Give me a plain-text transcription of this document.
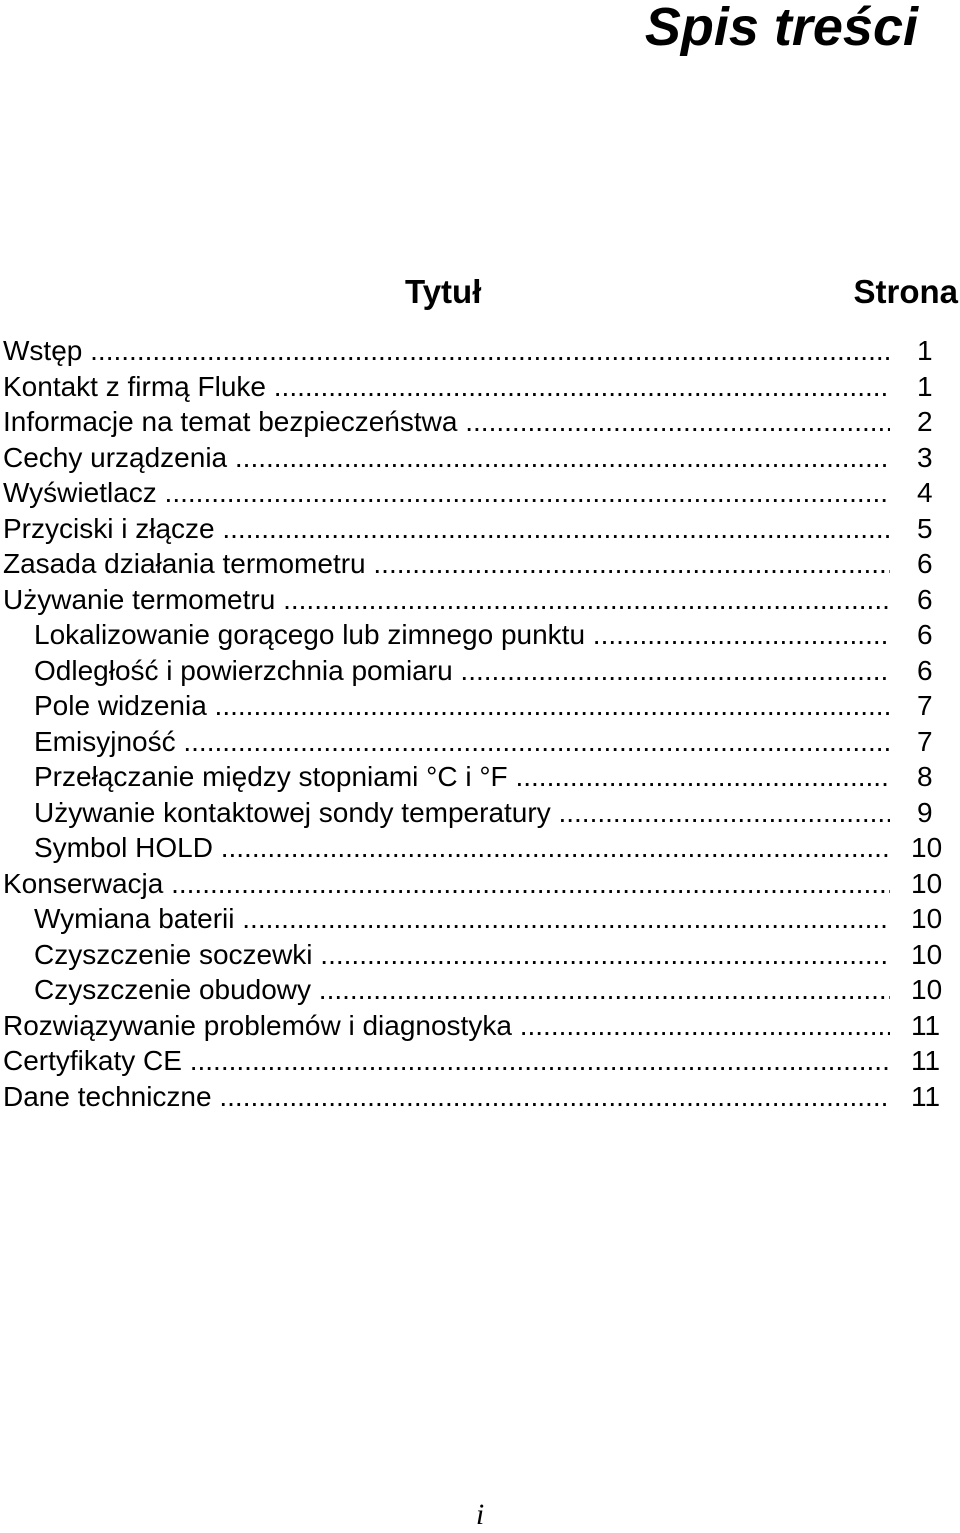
Spis treści
Tytuł	Strona
Wstęp .....	1
Kontakt z firmą Fluke .....	1
Informacje na temat bezpieczeństwa .....	2
Cechy urządzenia .....	3
Wyświetlacz .....	4
Przyciski i złącze .....	5
Zasada działania termometru .....	6
Używanie termometru .....	6
Lokalizowanie gorącego lub zimnego punktu .....	6
Odległość i powierzchnia pomiaru .....	6
Pole widzenia .....	7
Emisyjność .....	7
Przełączanie między stopniami °C i °F .....	8
Używanie kontaktowej sondy temperatury .....	9
Symbol HOLD .....	10
Konserwacja .....	10
Wymiana baterii .....	10
Czyszczenie soczewki .....	10
Czyszczenie obudowy .....	10
Rozwiązywanie problemów i diagnostyka .....	11
Certyfikaty CE .....	11
Dane techniczne .....	11
i
